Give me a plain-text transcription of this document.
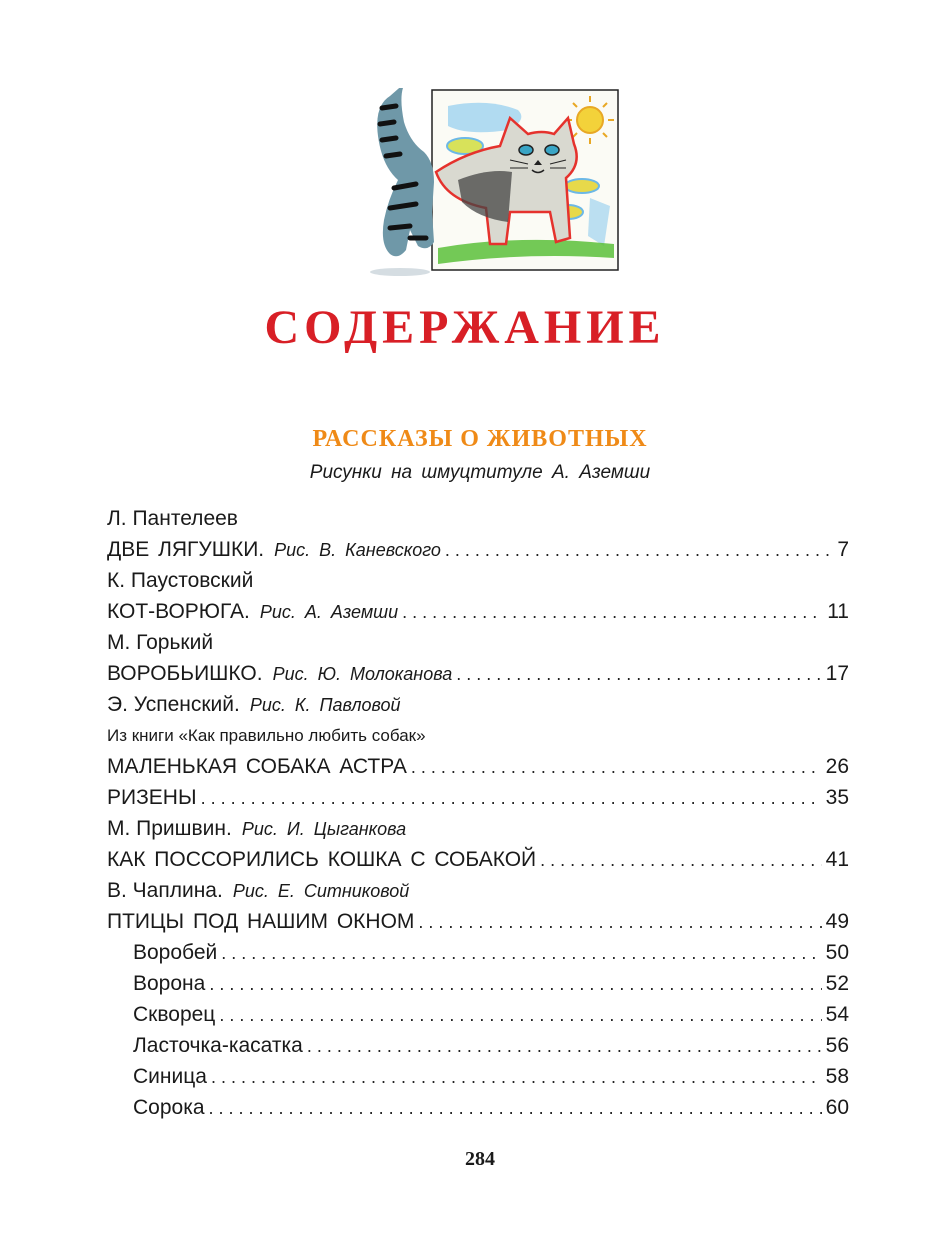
СОДЕРЖАНИЕ
РАССКАЗЫ О ЖИВОТНЫХ
Рисунки на шмуцтитуле А. Аземши
Л. Пантелеев
ДВЕ ЛЯГУШКИ. Рис. В. Каневского . . .	7
К. Паустовский
КОТ-ВОРЮГА. Рис. А. Аземши . . .	11
М. Горький
ВОРОБЬИШКО. Рис. Ю. Молоканова . . .	17
Э. Успенский. Рис. К. Павловой
Из книги «Как правильно любить собак»
МАЛЕНЬКАЯ СОБАКА АСТРА . . .	26
РИЗЕНЫ . . .	35
М. Пришвин. Рис. И. Цыганкова
КАК ПОССОРИЛИСЬ КОШКА С СОБАКОЙ . . .	41
В. Чаплина. Рис. Е. Ситниковой
ПТИЦЫ ПОД НАШИМ ОКНОМ . . .	49
Воробей . . .	50
Ворона . . .	52
Скворец . . .	54
Ласточка-касатка . . .	56
Синица . . .	58
Сорока . . .	60
284
